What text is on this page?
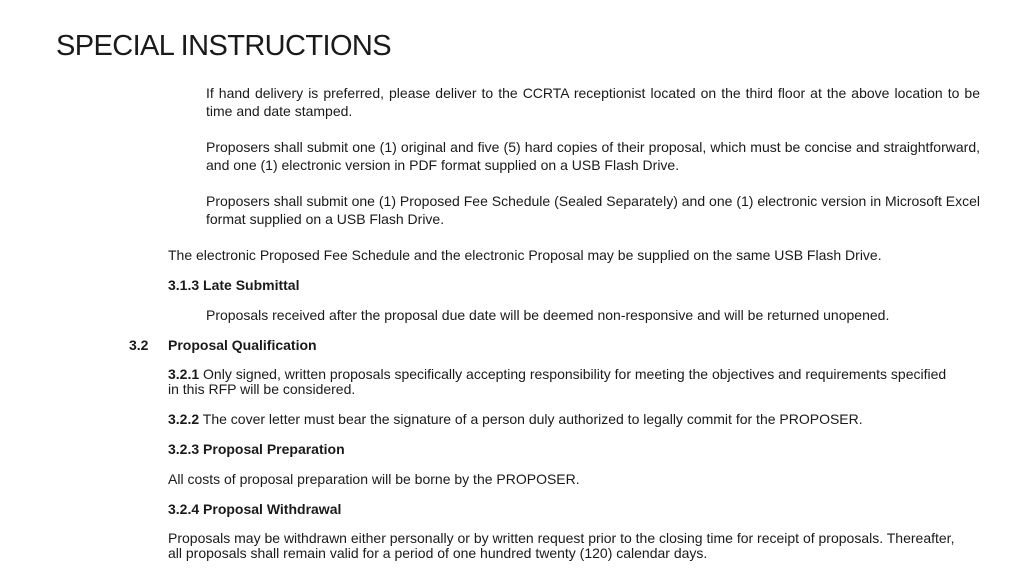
SPECIAL INSTRUCTIONS
If hand delivery is preferred, please deliver to the CCRTA receptionist located on the third floor at the above location to be time and date stamped.
Proposers shall submit one (1) original and five (5) hard copies of their proposal, which must be concise and straightforward, and one (1) electronic version in PDF format supplied on a USB Flash Drive.
Proposers shall submit one (1) Proposed Fee Schedule (Sealed Separately) and one (1) electronic version in Microsoft Excel format supplied on a USB Flash Drive.
The electronic Proposed Fee Schedule and the electronic Proposal may be supplied on the same USB Flash Drive.
3.1.3 Late Submittal
Proposals received after the proposal due date will be deemed non-responsive and will be returned unopened.
3.2 Proposal Qualification
3.2.1 Only signed, written proposals specifically accepting responsibility for meeting the objectives and requirements specified in this RFP will be considered.
3.2.2 The cover letter must bear the signature of a person duly authorized to legally commit for the PROPOSER.
3.2.3 Proposal Preparation
All costs of proposal preparation will be borne by the PROPOSER.
3.2.4 Proposal Withdrawal
Proposals may be withdrawn either personally or by written request prior to the closing time for receipt of proposals. Thereafter, all proposals shall remain valid for a period of one hundred twenty (120) calendar days.
